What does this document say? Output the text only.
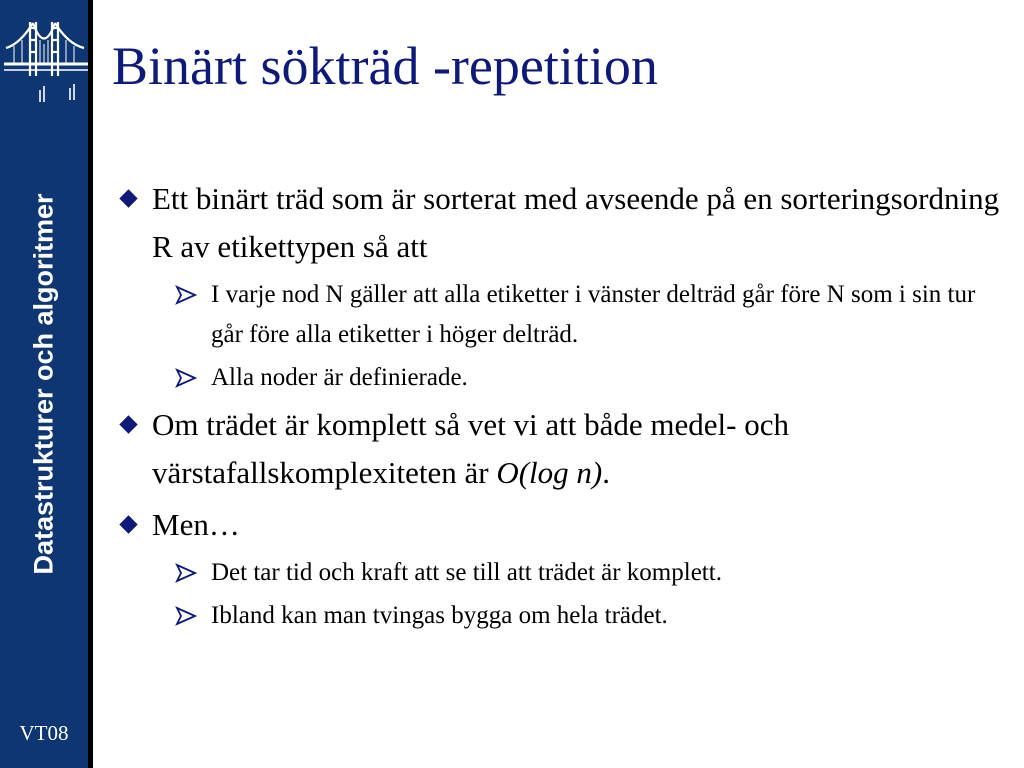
Datastrukturer och algoritmer
VT08
Binärt sökträd -repetition
Ett binärt träd som är sorterat med avseende på en sorteringsordning R av etikettypen så att
I varje nod N gäller att alla etiketter i vänster delträd går före N som i sin tur går före alla etiketter i höger delträd.
Alla noder är definierade.
Om trädet är komplett så vet vi att både medel- och värstafallskomplexiteten är O(log n).
Men…
Det tar tid och kraft att se till att trädet är komplett.
Ibland kan man tvingas bygga om hela trädet.
